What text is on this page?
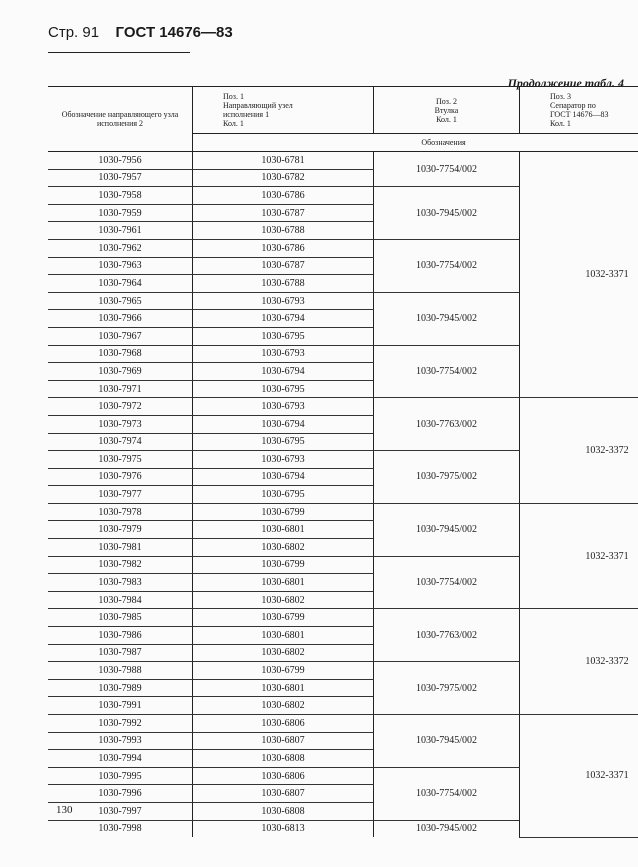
Стр. 91 ГОСТ 14676—83
Продолжение табл. 4
Обозначение направляющего узла исполнения 2	Поз. 1
Направляющий узел
исполнения 1
Кол. 1	Поз. 2
Втулка
Кол. 1	Поз. 3
Сепаратор по
ГОСТ 14676—83
Кол. 1
	Обозначения		
1030-7956	1030-6781	1030-7754/002	1032-3371
1030-7957	1030-6782		
1030-7958	1030-6786	1030-7945/002	
1030-7959	1030-6787		
1030-7961	1030-6788		
1030-7962	1030-6786	1030-7754/002	
1030-7963	1030-6787		
1030-7964	1030-6788		
1030-7965	1030-6793	1030-7945/002	
1030-7966	1030-6794		
1030-7967	1030-6795		
1030-7968	1030-6793	1030-7754/002	
1030-7969	1030-6794		
1030-7971	1030-6795		
1030-7972	1030-6793	1030-7763/002	1032-3372
1030-7973	1030-6794		
1030-7974	1030-6795		
1030-7975	1030-6793	1030-7975/002	
1030-7976	1030-6794		
1030-7977	1030-6795		
1030-7978	1030-6799	1030-7945/002	1032-3371
1030-7979	1030-6801		
1030-7981	1030-6802		
1030-7982	1030-6799	1030-7754/002	
1030-7983	1030-6801		
1030-7984	1030-6802		
1030-7985	1030-6799	1030-7763/002	1032-3372
1030-7986	1030-6801		
1030-7987	1030-6802		
1030-7988	1030-6799	1030-7975/002	
1030-7989	1030-6801		
1030-7991	1030-6802		
1030-7992	1030-6806	1030-7945/002	1032-3371
1030-7993	1030-6807		
1030-7994	1030-6808		
1030-7995	1030-6806	1030-7754/002	
1030-7996	1030-6807		
1030-7997	1030-6808		
1030-7998	1030-6813	1030-7945/002	
130
